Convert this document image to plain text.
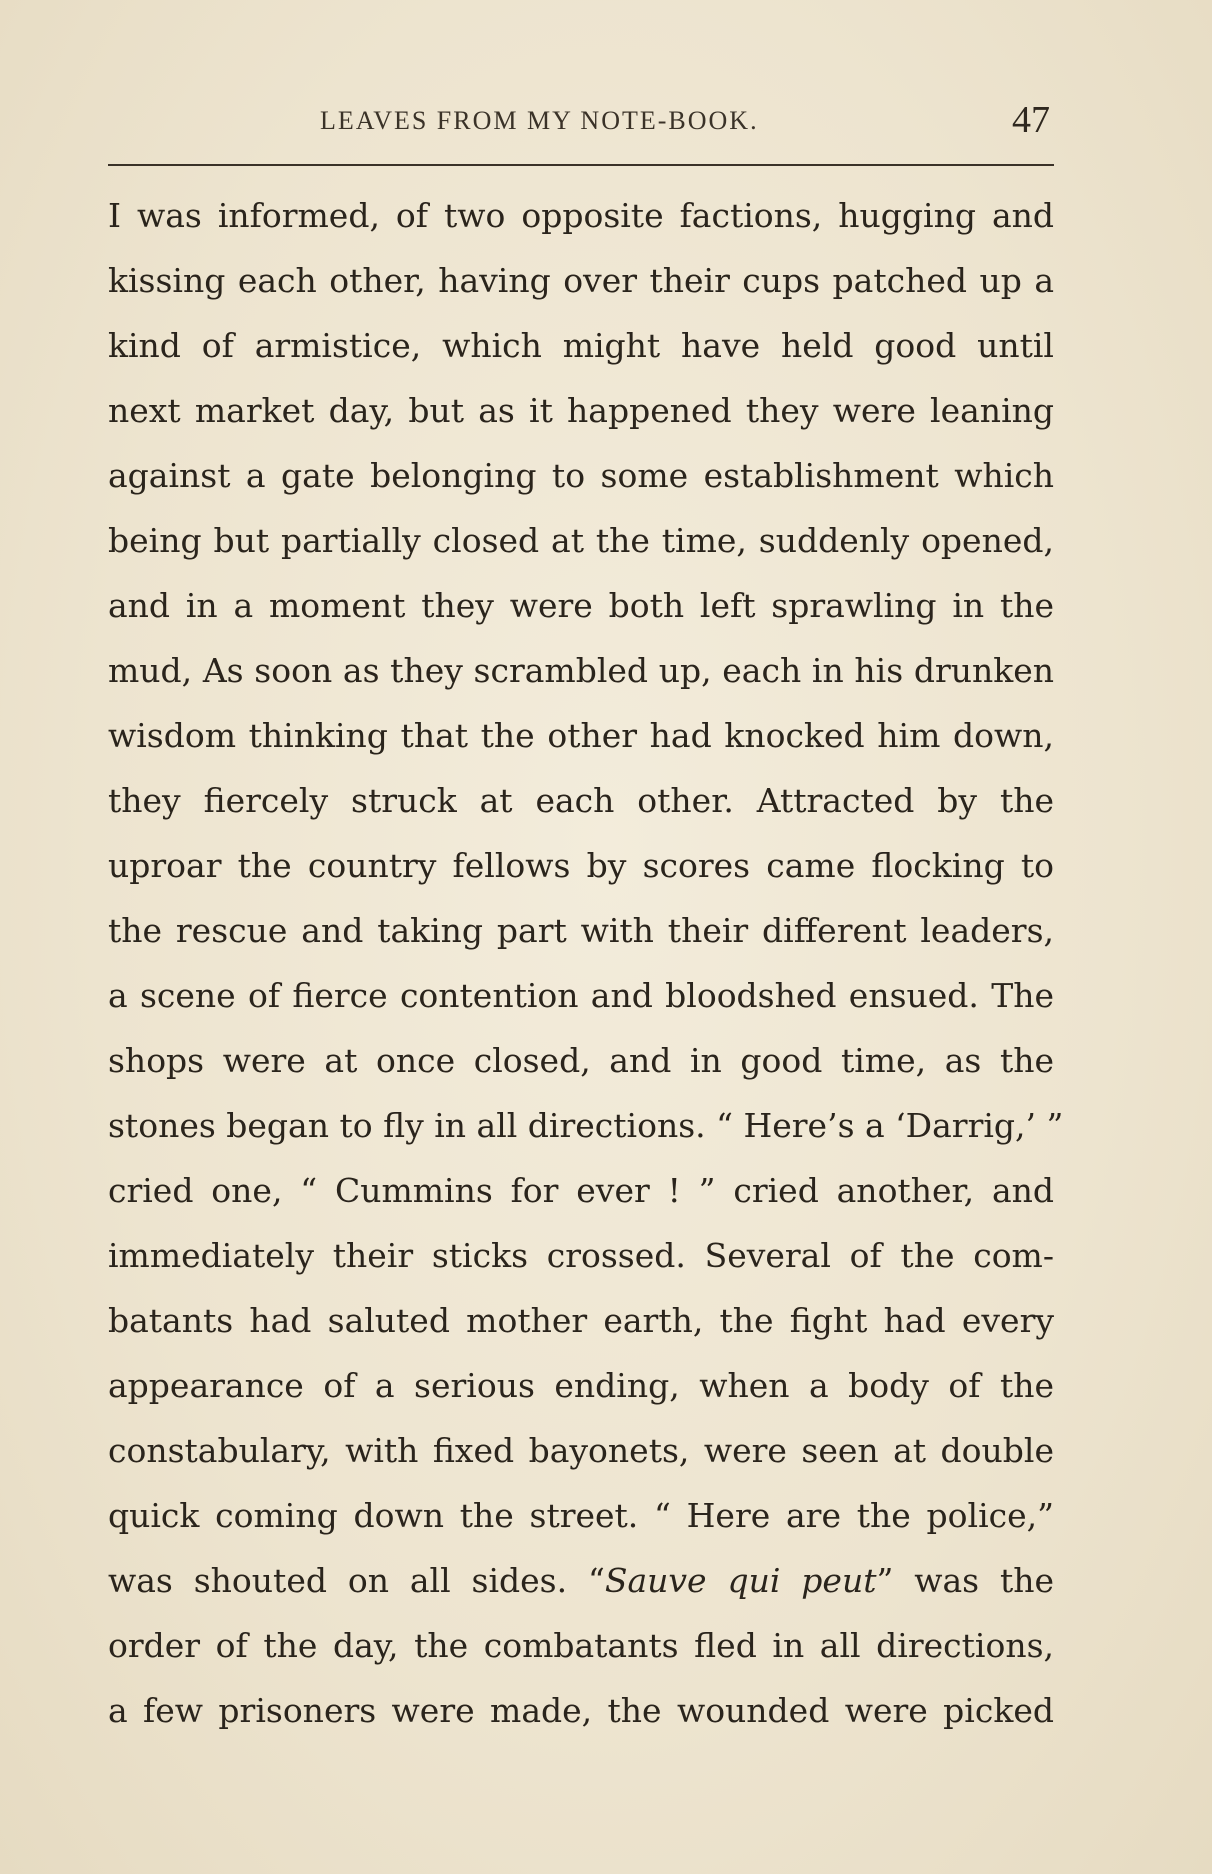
LEAVES FROM MY NOTE-BOOK.	47
I was informed, of two opposite factions, hugging and
kissing each other, having over their cups patched up a
kind of armistice, which might have held good until
next market day, but as it happened they were leaning
against a gate belonging to some establishment which
being but partially closed at the time, suddenly opened,
and in a moment they were both left sprawling in the
mud, As soon as they scrambled up, each in his drunken
wisdom thinking that the other had knocked him down,
they fiercely struck at each other. Attracted by the
uproar the country fellows by scores came flocking to
the rescue and taking part with their different leaders,
a scene of fierce contention and bloodshed ensued. The
shops were at once closed, and in good time, as the
stones began to fly in all directions. “ Here’s a ‘Darrig,’ ”
cried one, “ Cummins for ever ! ” cried another, and
immediately their sticks crossed. Several of the com-
batants had saluted mother earth, the fight had every
appearance of a serious ending, when a body of the
constabulary, with fixed bayonets, were seen at double
quick coming down the street. “ Here are the police,”
was shouted on all sides. “Sauve qui peut” was the
order of the day, the combatants fled in all directions,
a few prisoners were made, the wounded were picked
